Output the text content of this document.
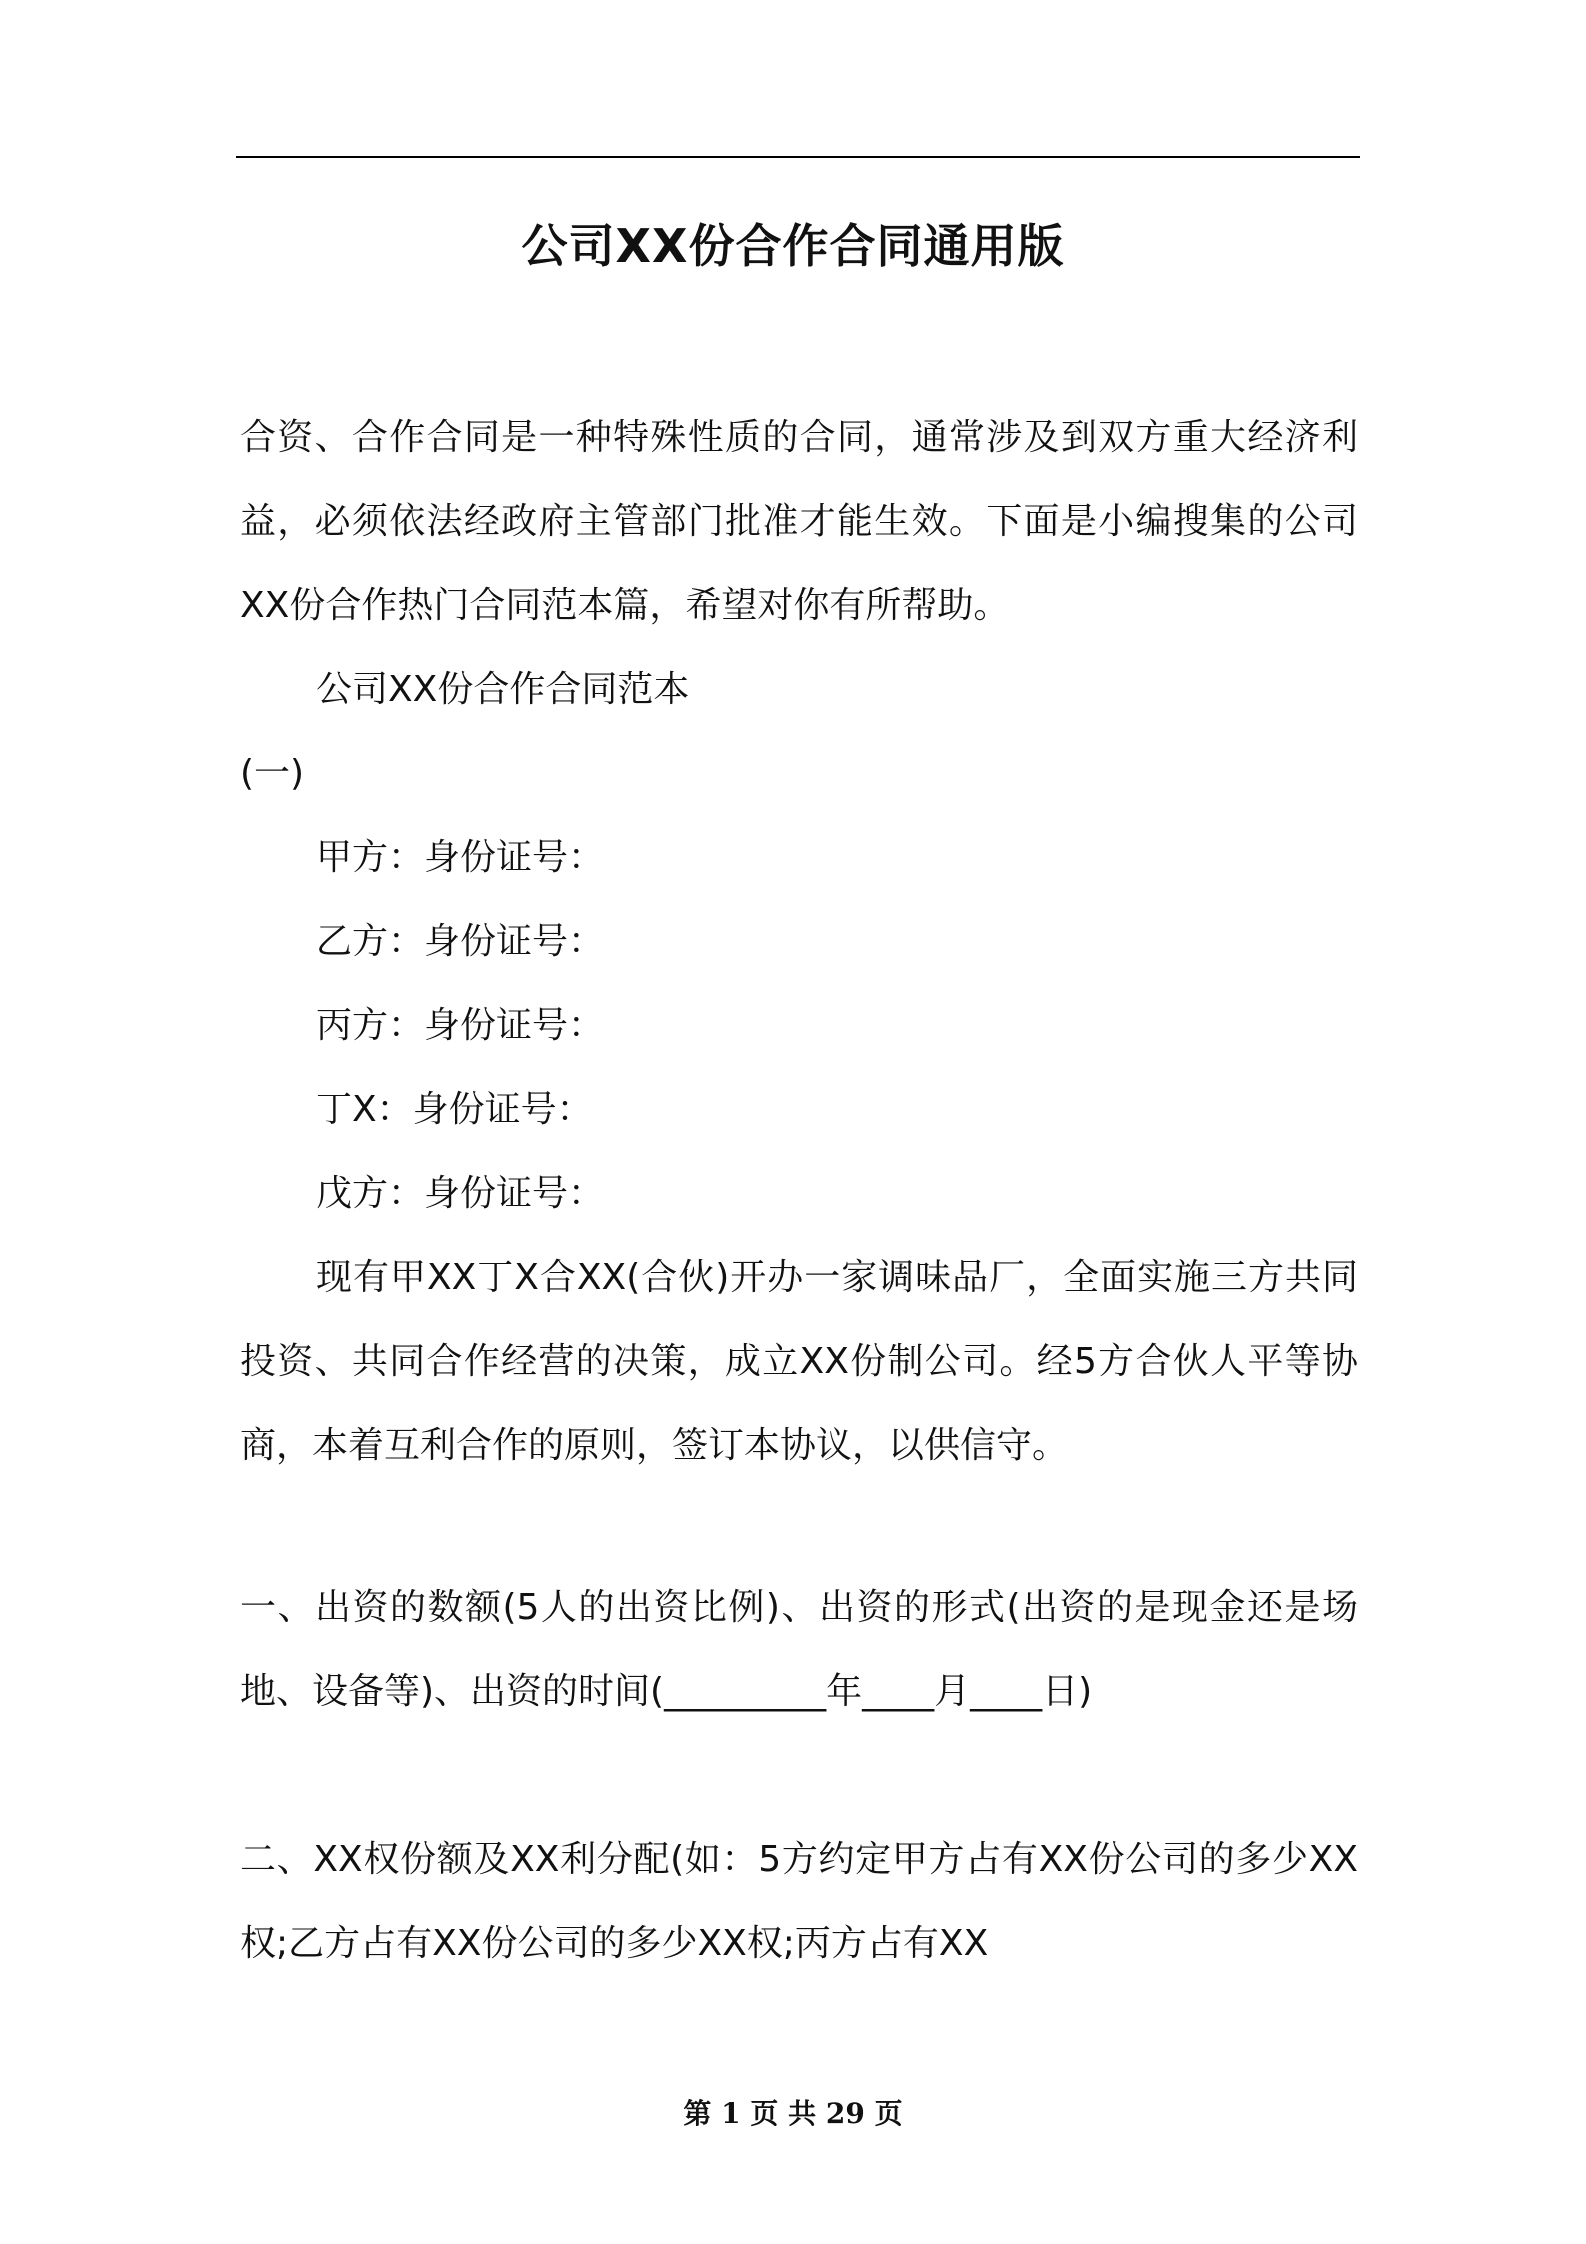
公司XX份合作合同通用版

合资、合作合同是一种特殊性质的合同，通常涉及到双方重大经济利益，必须依法经政府主管部门批准才能生效。下面是小编搜集的公司XX份合作热门合同范本篇，希望对你有所帮助。

公司XX份合作合同范本

(一)

甲方：身份证号：

乙方：身份证号：

丙方：身份证号：

丁X：身份证号：

戊方：身份证号：

现有甲XX丁X合XX(合伙)开办一家调味品厂，全面实施三方共同投资、共同合作经营的决策，成立XX份制公司。经5方合伙人平等协商，本着互利合作的原则，签订本协议，以供信守。

一、出资的数额(5人的出资比例)、出资的形式(出资的是现金还是场地、设备等)、出资的时间(_________年____月____日)

二、XX权份额及XX利分配(如：5方约定甲方占有XX份公司的多少XX权;乙方占有XX份公司的多少XX权;丙方占有XX

第 1 页 共 29 页
